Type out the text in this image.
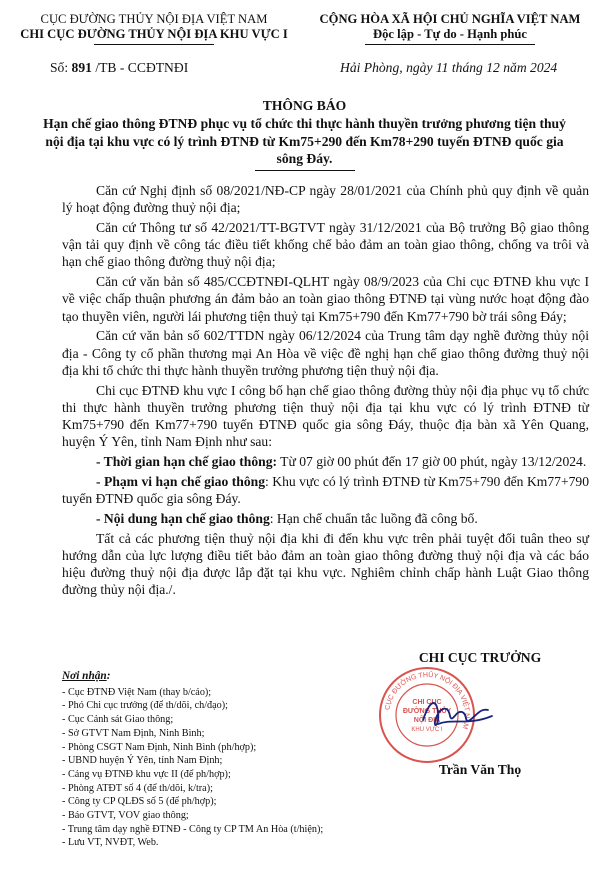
CỤC ĐƯỜNG THỦY NỘI ĐỊA VIỆT NAM
CHI CỤC ĐƯỜNG THỦY NỘI ĐỊA KHU VỰC I
CỘNG HÒA XÃ HỘI CHỦ NGHĨA VIỆT NAM
Độc lập - Tự do - Hạnh phúc
Số: 891 /TB - CCĐTNĐI	Hải Phòng, ngày 11 tháng 12 năm 2024
THÔNG BÁO
Hạn chế giao thông ĐTNĐ phục vụ tổ chức thi thực hành thuyền trưởng phương tiện thuỷ nội địa tại khu vực có lý trình ĐTNĐ từ Km75+290 đến Km78+290 tuyến ĐTNĐ quốc gia sông Đáy.

Căn cứ Nghị định số 08/2021/NĐ-CP ngày 28/01/2021 của Chính phủ quy định về quản lý hoạt động đường thuỷ nội địa;

Căn cứ Thông tư số 42/2021/TT-BGTVT ngày 31/12/2021 của Bộ trưởng Bộ giao thông vận tải quy định về công tác điều tiết khống chế bảo đảm an toàn giao thông, chống va trôi và hạn chế giao thông đường thuỷ nội địa;

Căn cứ văn bản số 485/CCĐTNĐI-QLHT ngày 08/9/2023 của Chi cục ĐTNĐ khu vực I về việc chấp thuận phương án đảm bảo an toàn giao thông ĐTNĐ tại vùng nước hoạt động đào tạo thuyền viên, người lái phương tiện thuỷ tại Km75+790 đến Km77+790 bờ trái sông Đáy;

Căn cứ văn bản số 602/TTDN ngày 06/12/2024 của Trung tâm dạy nghề đường thủy nội địa - Công ty cổ phần thương mại An Hòa về việc đề nghị hạn chế giao thông đường thuỷ nội địa khi tổ chức thi thực hành thuyền trưởng phương tiện thuỷ nội địa.

Chi cục ĐTNĐ khu vực I công bố hạn chế giao thông đường thủy nội địa phục vụ tổ chức thi thực hành thuyền trưởng phương tiện thuỷ nội địa tại khu vực có lý trình ĐTNĐ từ Km75+790 đến Km77+790 tuyến ĐTNĐ quốc gia sông Đáy, thuộc địa bàn xã Yên Quang, huyện Ý Yên, tỉnh Nam Định như sau:

- Thời gian hạn chế giao thông: Từ 07 giờ 00 phút đến 17 giờ 00 phút, ngày 13/12/2024.

- Phạm vi hạn chế giao thông: Khu vực có lý trình ĐTNĐ từ Km75+790 đến Km77+790 tuyến ĐTNĐ quốc gia sông Đáy.

- Nội dung hạn chế giao thông: Hạn chế chuẩn tắc luồng đã công bố.

Tất cả các phương tiện thuỷ nội địa khi đi đến khu vực trên phải tuyệt đối tuân theo sự hướng dẫn của lực lượng điều tiết bảo đảm an toàn giao thông đường thuỷ nội địa và các báo hiệu đường thuỷ nội địa được lắp đặt tại khu vực. Nghiêm chỉnh chấp hành Luật Giao thông đường thủy nội địa./.

Nơi nhận:
- Cục ĐTNĐ Việt Nam (thay b/cáo);
- Phó Chi cục trưởng (để th/dõi, ch/đạo);
- Cục Cảnh sát Giao thông;
- Sở GTVT Nam Định, Ninh Bình;
- Phòng CSGT Nam Định, Ninh Bình (ph/hợp);
- UBND huyện Ý Yên, tỉnh Nam Định;
- Cảng vụ ĐTNĐ khu vực II (để ph/hợp);
- Phòng ATĐT số 4 (để th/dõi, k/tra);
- Công ty CP QLĐS số 5 (để ph/hợp);
- Báo GTVT, VOV giao thông;
- Trung tâm dạy nghề ĐTNĐ - Công ty CP TM An Hòa (t/hiện);
- Lưu VT, NVĐT, Web.
CHI CỤC TRƯỞNG
CỤC ĐƯỜNG THỦY NỘI ĐỊA VIỆT NAM
CHI CỤC
ĐƯỜNG THỦY
NỘI ĐỊA
KHU VỰC I
Trần Văn Thọ
